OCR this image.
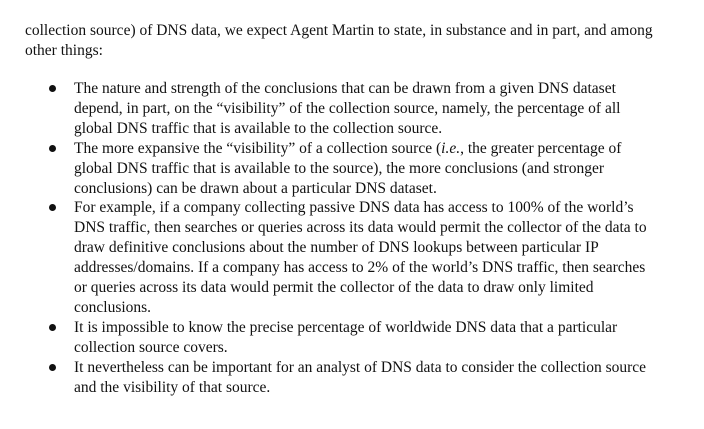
collection source) of DNS data, we expect Agent Martin to state, in substance and in part, and among other things:

The nature and strength of the conclusions that can be drawn from a given DNS dataset depend, in part, on the “visibility” of the collection source, namely, the percentage of all global DNS traffic that is available to the collection source.
The more expansive the “visibility” of a collection source (i.e., the greater percentage of global DNS traffic that is available to the source), the more conclusions (and stronger conclusions) can be drawn about a particular DNS dataset.
For example, if a company collecting passive DNS data has access to 100% of the world’s DNS traffic, then searches or queries across its data would permit the collector of the data to draw definitive conclusions about the number of DNS lookups between particular IP addresses/domains. If a company has access to 2% of the world’s DNS traffic, then searches or queries across its data would permit the collector of the data to draw only limited conclusions.
It is impossible to know the precise percentage of worldwide DNS data that a particular collection source covers.
It nevertheless can be important for an analyst of DNS data to consider the collection source and the visibility of that source.
